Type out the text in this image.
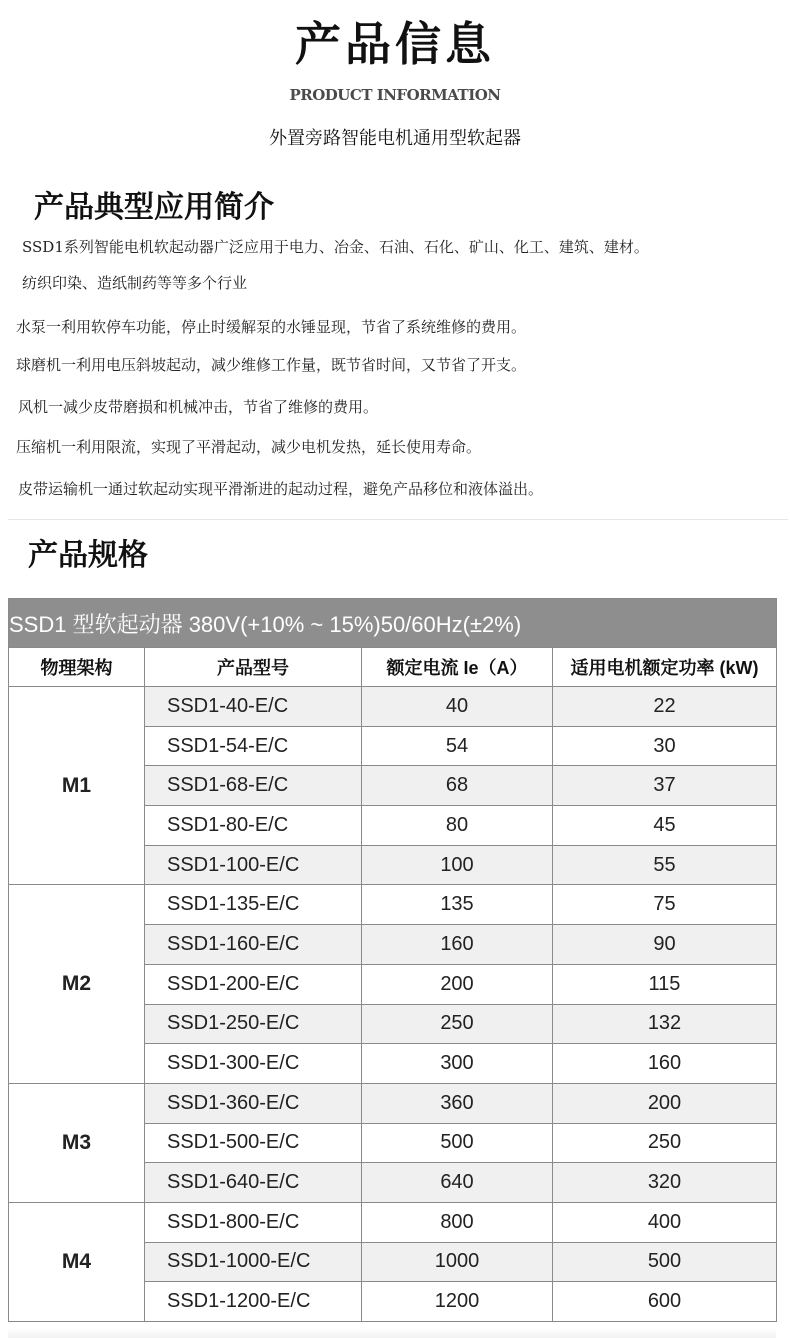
产品信息
PRODUCT INFORMATION
外置旁路智能电机通用型软起器
产品典型应用简介
SSD1系列智能电机软起动器广泛应用于电力、冶金、石油、石化、矿山、化工、建筑、建材。
纺织印染、造纸制药等等多个行业
水泵一利用软停车功能，停止时缓解泵的水锤显现，节省了系统维修的费用。
球磨机一利用电压斜坡起动，减少维修工作量，既节省时间，又节省了开支。
风机一减少皮带磨损和机械冲击，节省了维修的费用。
压缩机一利用限流，实现了平滑起动，减少电机发热，延长使用寿命。
皮带运输机一通过软起动实现平滑渐进的起动过程，避免产品移位和液体溢出。
产品规格
SSD1 型软起动器 380V(+10% ~ 15%)50/60Hz(±2%)			
物理架构	产品型号	额定电流 Ie（A）	适用电机额定功率 (kW)
M1	SSD1-40-E/C	40	22
	SSD1-54-E/C	54	30
	SSD1-68-E/C	68	37
	SSD1-80-E/C	80	45
	SSD1-100-E/C	100	55
M2	SSD1-135-E/C	135	75
	SSD1-160-E/C	160	90
	SSD1-200-E/C	200	115
	SSD1-250-E/C	250	132
	SSD1-300-E/C	300	160
M3	SSD1-360-E/C	360	200
	SSD1-500-E/C	500	250
	SSD1-640-E/C	640	320
M4	SSD1-800-E/C	800	400
	SSD1-1000-E/C	1000	500
	SSD1-1200-E/C	1200	600
